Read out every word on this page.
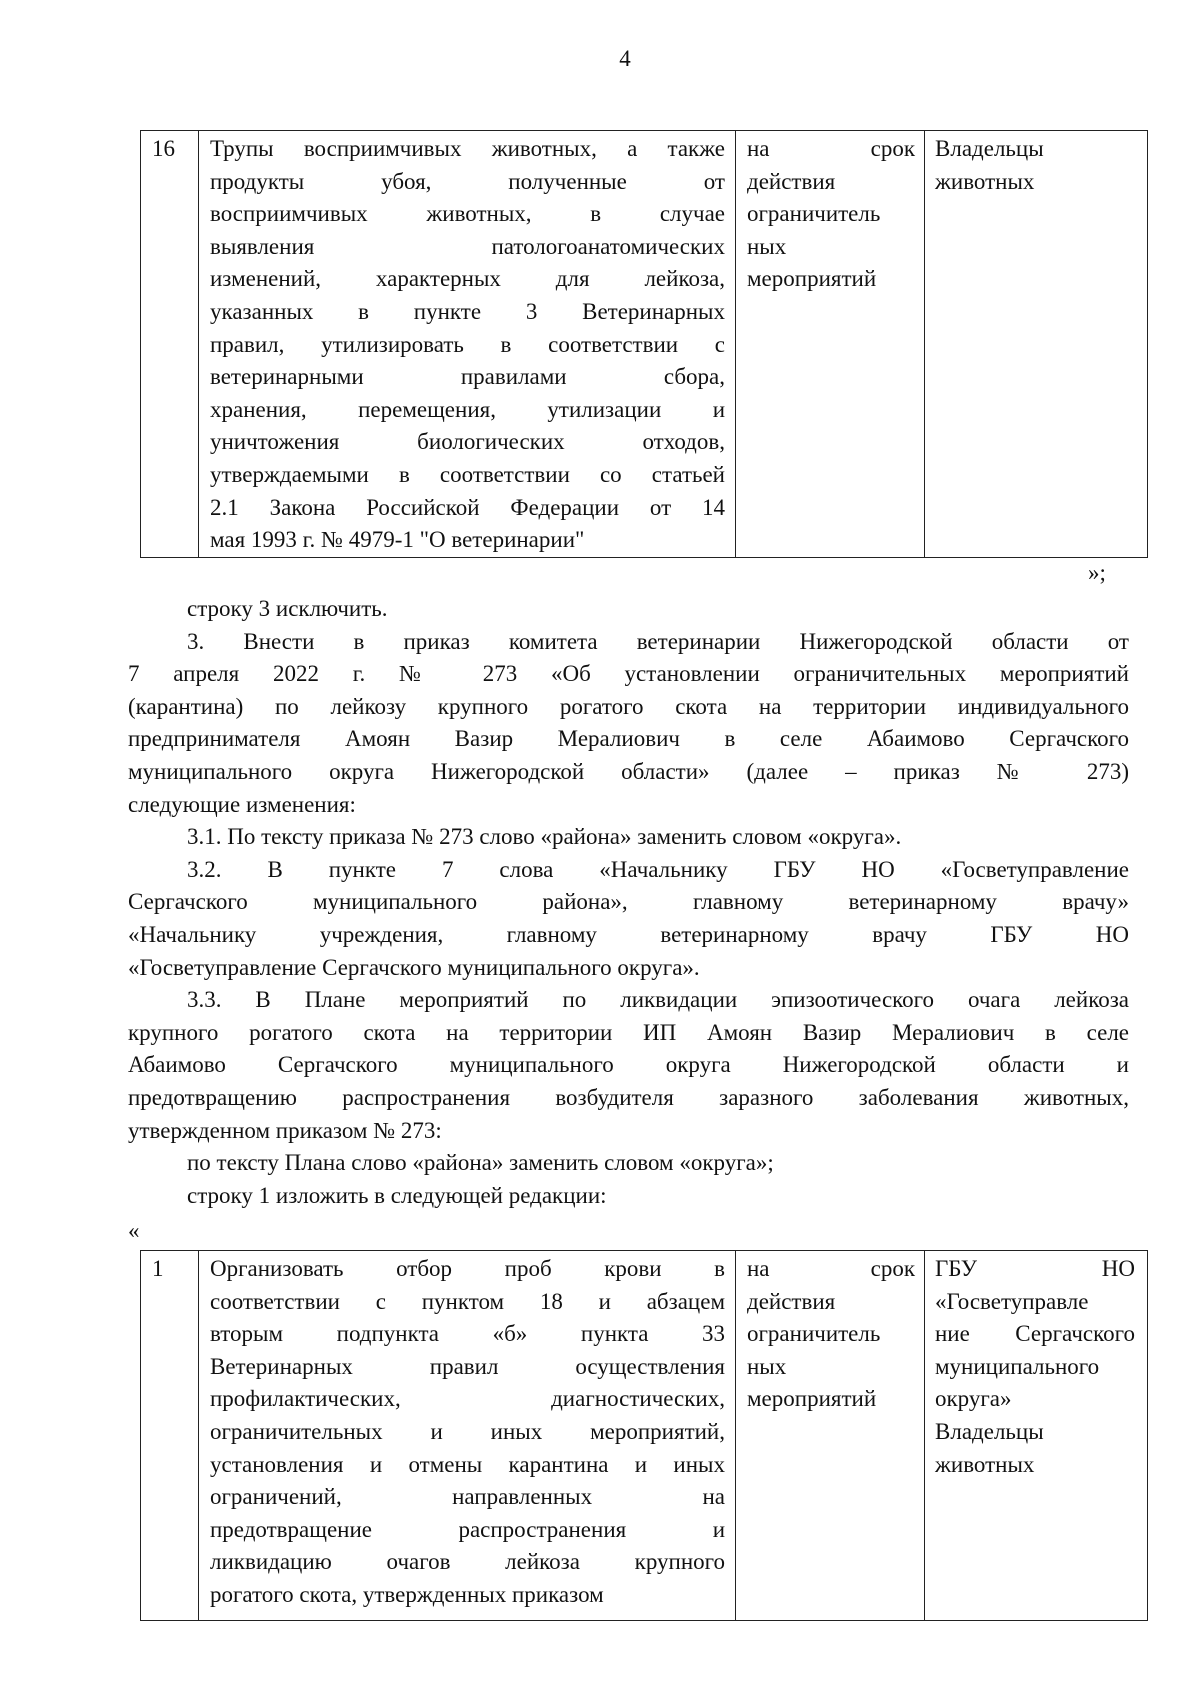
4
16	Трупы восприимчивых животных, а также
продукты убоя, полученные от
восприимчивых животных, в случае
выявления патологоанатомических
изменений, характерных для лейкоза,
указанных в пункте 3 Ветеринарных
правил, утилизировать в соответствии с
ветеринарными правилами сбора,
хранения, перемещения, утилизации и
уничтожения биологических отходов,
утверждаемыми в соответствии со статьей
2.1 Закона Российской Федерации от 14
мая 1993 г. № 4979-1 "О ветеринарии"
на срок
действия
ограничитель
ных
мероприятий
Владельцы
животных
»;
строку 3 исключить.
3. Внести в приказ комитета ветеринарии Нижегородской области от
7 апреля 2022 г. № 273 «Об установлении ограничительных мероприятий
(карантина) по лейкозу крупного рогатого скота на территории индивидуального
предпринимателя Амоян Вазир Мералиович в селе Абаимово Сергачского
муниципального округа Нижегородской области» (далее – приказ № 273)
следующие изменения:
3.1. По тексту приказа № 273 слово «района» заменить словом «округа».
3.2. В пункте 7 слова «Начальнику ГБУ НО «Госветуправление
Сергачского муниципального района», главному ветеринарному врачу»
«Начальнику учреждения, главному ветеринарному врачу ГБУ НО
«Госветуправление Сергачского муниципального округа».
3.3. В Плане мероприятий по ликвидации эпизоотического очага лейкоза
крупного рогатого скота на территории ИП Амоян Вазир Мералиович в селе
Абаимово Сергачского муниципального округа Нижегородской области и
предотвращению распространения возбудителя заразного заболевания животных,
утвержденном приказом № 273:
по тексту Плана слово «района» заменить словом «округа»;
строку 1 изложить в следующей редакции:
«
1	Организовать отбор проб крови в
соответствии с пунктом 18 и абзацем
вторым подпункта «б» пункта 33
Ветеринарных правил осуществления
профилактических, диагностических,
ограничительных и иных мероприятий,
установления и отмены карантина и иных
ограничений, направленных на
предотвращение распространения и
ликвидацию очагов лейкоза крупного
рогатого скота, утвержденных приказом
на срок
действия
ограничитель
ных
мероприятий
ГБУ НО
«Госветуправле
ние Сергачского
муниципального
округа»
Владельцы
животных
